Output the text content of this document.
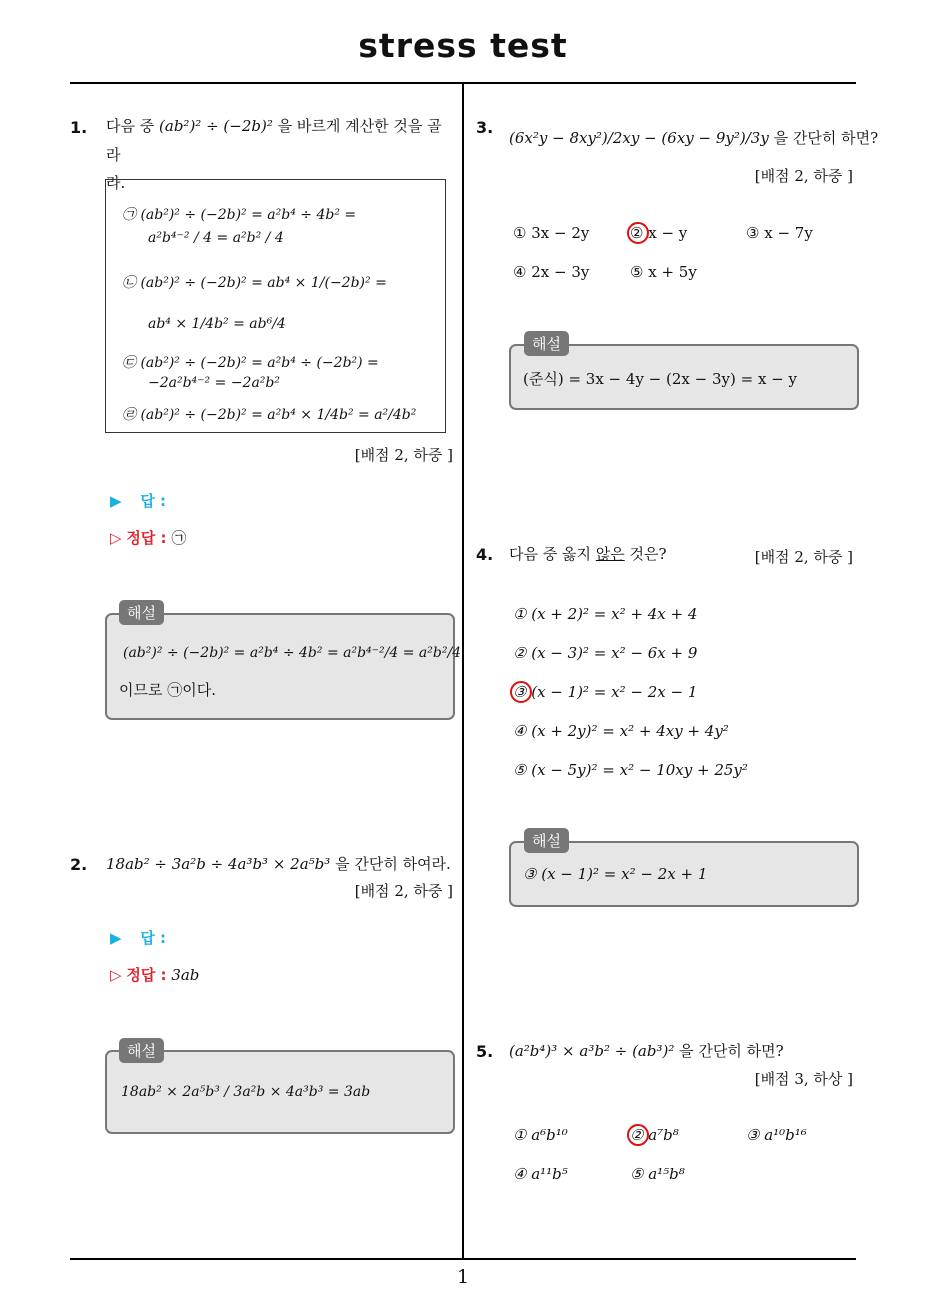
stress test
1
1. 다음 중 (ab²)² ÷ (−2b)² 을 바르게 계산한 것을 골라
라.
㉠ (ab²)² ÷ (−2b)² = a²b⁴ ÷ 4b² =
a²b⁴⁻² / 4 = a²b² / 4
㉡ (ab²)² ÷ (−2b)² = ab⁴ × 1/(−2b)² =
ab⁴ × 1/4b² = ab⁶/4
㉢ (ab²)² ÷ (−2b)² = a²b⁴ ÷ (−2b²) =
−2a²b⁴⁻² = −2a²b²
㉣ (ab²)² ÷ (−2b)² = a²b⁴ × 1/4b² = a²/4b²
[배점 2, 하중 ]
▶ 답 :
▷ 정답 : ㉠
(ab²)² ÷ (−2b)² = a²b⁴ ÷ 4b² = a²b⁴⁻²/4 = a²b²/4
이므로 ㉠이다.
해설
2. 18ab² ÷ 3a²b ÷ 4a³b³ × 2a⁵b³ 을 간단히 하여라.
[배점 2, 하중 ]
▶ 답 :
▷ 정답 : 3ab
18ab² × 2a⁵b³ / 3a²b × 4a³b³ = 3ab
해설
3.
(6x²y − 8xy²)/2xy − (6xy − 9y²)/3y 을 간단히 하면?
[배점 2, 하중 ]
① 3x − 2y	② x − y	③ x − 7y
④ 2x − 3y	⑤ x + 5y
(준식) = 3x − 4y − (2x − 3y) = x − y
해설
4. 다음 중 옳지 않은 것은?	[배점 2, 하중 ]
① (x + 2)² = x² + 4x + 4
② (x − 3)² = x² − 6x + 9
③ (x − 1)² = x² − 2x − 1
④ (x + 2y)² = x² + 4xy + 4y²
⑤ (x − 5y)² = x² − 10xy + 25y²
③ (x − 1)² = x² − 2x + 1
해설
5. (a²b⁴)³ × a³b² ÷ (ab³)² 을 간단히 하면?
[배점 3, 하상 ]
① a⁶b¹⁰	② a⁷b⁸	③ a¹⁰b¹⁶
④ a¹¹b⁵	⑤ a¹⁵b⁸
